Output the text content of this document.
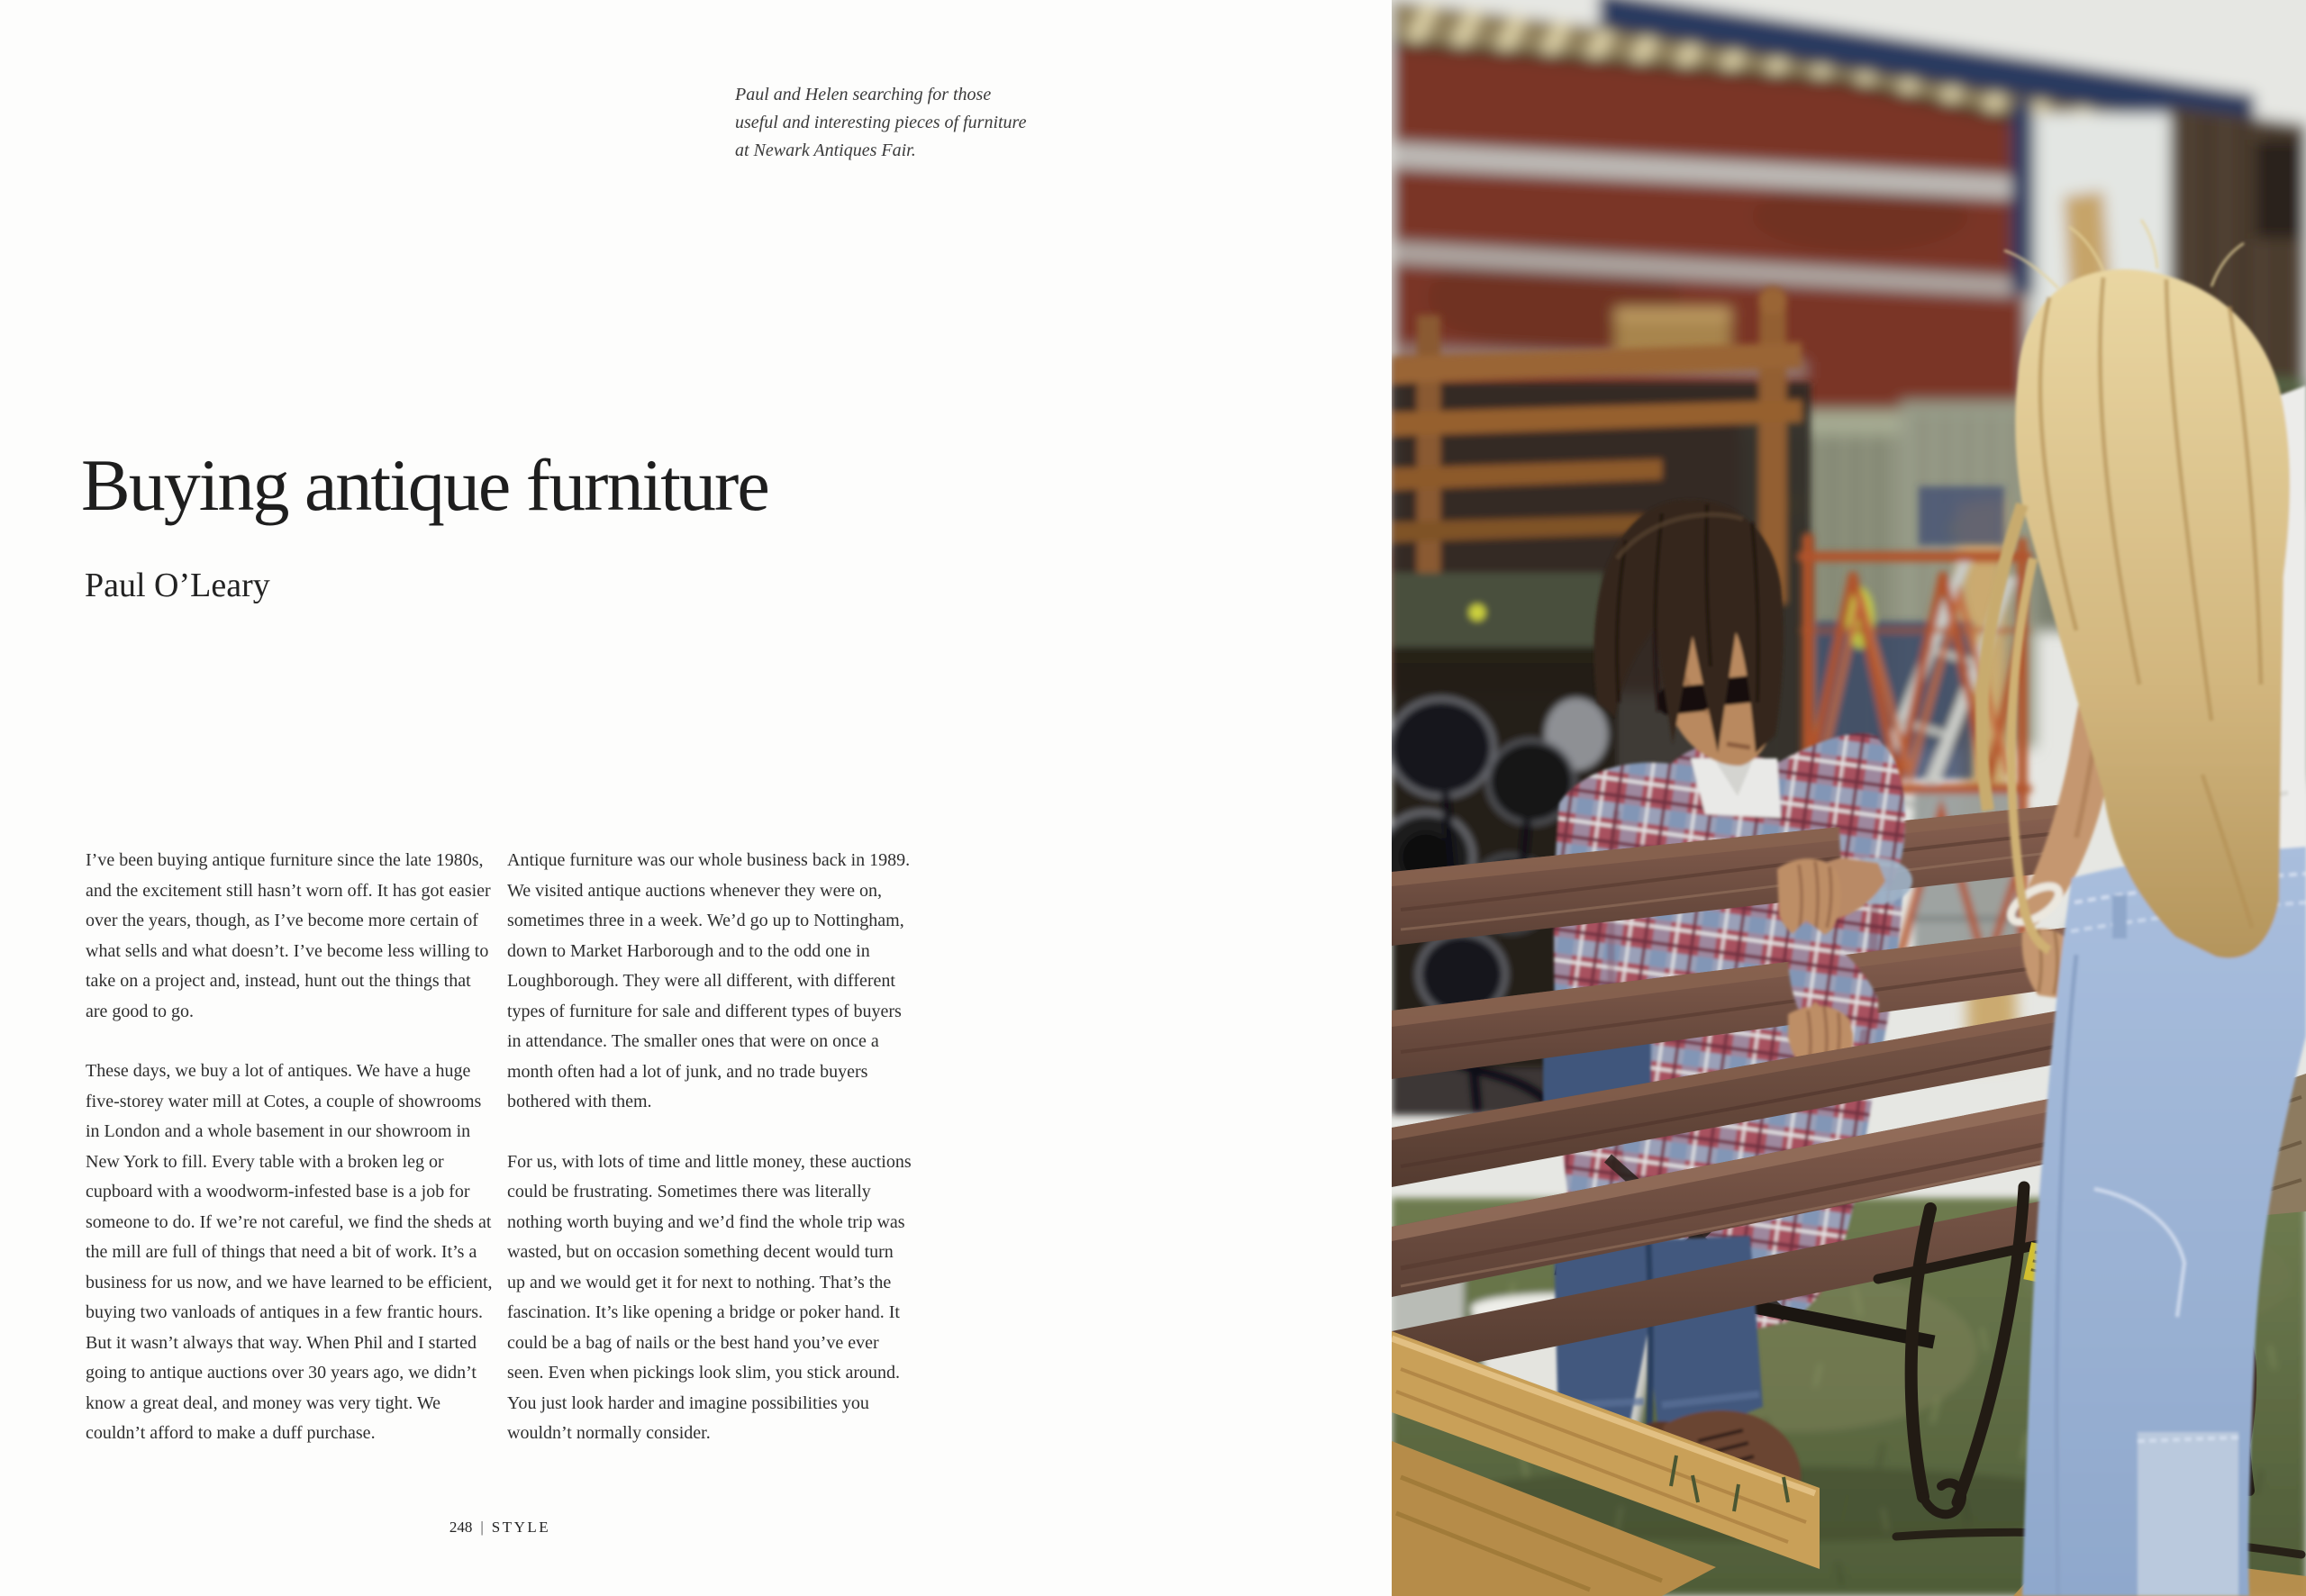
Paul and Helen searching for those useful and interesting pieces of furniture at Newark Antiques Fair.
Buying antique furniture
Paul O’Leary

I’ve been buying antique furniture since the late 1980s, and the excitement still hasn’t worn off. It has got easier over the years, though, as I’ve become more certain of what sells and what doesn’t. I’ve become less willing to take on a project and, instead, hunt out the things that are good to go.

These days, we buy a lot of antiques. We have a huge five-storey water mill at Cotes, a couple of showrooms in London and a whole basement in our showroom in New York to fill. Every table with a broken leg or cupboard with a woodworm-infested base is a job for someone to do. If we’re not careful, we find the sheds at the mill are full of things that need a bit of work. It’s a business for us now, and we have learned to be efficient, buying two vanloads of antiques in a few frantic hours. But it wasn’t always that way. When Phil and I started going to antique auctions over 30 years ago, we didn’t know a great deal, and money was very tight. We couldn’t afford to make a duff purchase.

Antique furniture was our whole business back in 1989. We visited antique auctions whenever they were on, sometimes three in a week. We’d go up to Nottingham, down to Market Harborough and to the odd one in Loughborough. They were all different, with different types of furniture for sale and different types of buyers in attendance. The smaller ones that were on once a month often had a lot of junk, and no trade buyers bothered with them.

For us, with lots of time and little money, these auctions could be frustrating. Sometimes there was literally nothing worth buying and we’d find the whole trip was wasted, but on occasion something decent would turn up and we would get it for next to nothing. That’s the fascination. It’s like opening a bridge or poker hand. It could be a bag of nails or the best hand you’ve ever seen. Even when pickings look slim, you stick around. You just look harder and imagine possibilities you wouldn’t normally consider.

248 | STYLE
